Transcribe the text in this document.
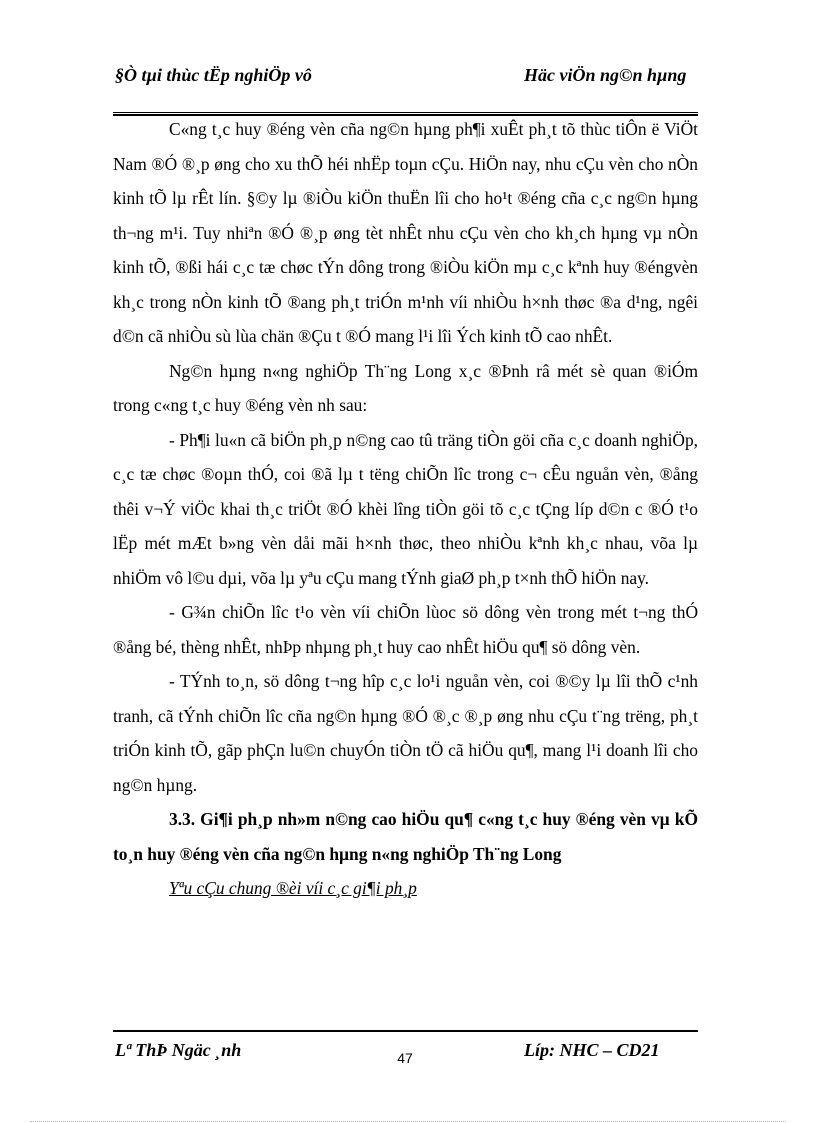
§Ò tµi thùc tËp nghiÖp vô	Häc viÖn ng©n hµng

C«ng t¸c huy ®éng vèn cña ng©n hµng ph¶i xuÊt ph¸t tõ thùc tiÔn ë ViÖt Nam ®Ó ®¸p øng cho xu thÕ héi nhËp toµn cÇu. HiÖn nay, nhu cÇu vèn cho nÒn kinh tÕ lµ rÊt lín. §©y lµ ®iÒu kiÖn thuËn lîi cho ho¹t ®éng cña c¸c ng©n hµng th¬ng m¹i. Tuy nhiªn ®Ó ®¸p øng tèt nhÊt nhu cÇu vèn cho kh¸ch hµng vµ nÒn kinh tÕ, ®ßi hái c¸c tæ chøc tÝn dông trong ®iÒu kiÖn mµ c¸c kªnh huy ®éngvèn kh¸c trong nÒn kinh tÕ ®ang ph¸t triÓn m¹nh víi nhiÒu h×nh thøc ®a d¹ng, ngêi d©n cã nhiÒu sù lùa chän ®Çu t ®Ó mang l¹i lîi Ých kinh tÕ cao nhÊt.

Ng©n hµng n«ng nghiÖp Th¨ng Long x¸c ®Þnh râ mét sè quan ®iÓm trong c«ng t¸c huy ®éng vèn nh sau:

- Ph¶i lu«n cã biÖn ph¸p n©ng cao tû träng tiÒn göi cña c¸c doanh nghiÖp, c¸c tæ chøc ®oµn thÓ, coi ®ã lµ t tëng chiÕn lîc trong c¬ cÊu nguån vèn, ®ång thêi v¬Ý viÖc khai th¸c triÖt ®Ó khèi lîng tiÒn göi tõ c¸c tÇng líp d©n c ®Ó t¹o lËp mét mÆt b»ng vèn dåi mãi h×nh thøc, theo nhiÒu kªnh kh¸c nhau, võa lµ nhiÖm vô l©u dµi, võa lµ yªu cÇu mang tÝnh giaØ ph¸p t×nh thÕ hiÖn nay.

- G¾n chiÕn lîc t¹o vèn víi chiÕn lùoc sö dông vèn trong mét t¬ng thÓ ®ång bé, thèng nhÊt, nhÞp nhµng ph¸t huy cao nhÊt hiÖu qu¶ sö dông vèn.

- TÝnh to¸n, sö dông t¬ng hîp c¸c lo¹i nguån vèn, coi ®©y lµ lîi thÕ c¹nh tranh, cã tÝnh chiÕn lîc cña ng©n hµng ®Ó ®¸c ®¸p øng nhu cÇu t¨ng trëng, ph¸t triÓn kinh tÕ, gãp phÇn lu©n chuyÓn tiÒn tÖ cã hiÖu qu¶, mang l¹i doanh lîi cho ng©n hµng.

3.3. Gi¶i ph¸p nh»m n©ng cao hiÖu qu¶ c«ng t¸c huy ®éng vèn vµ kÕ to¸n huy ®éng vèn cña ng©n hµng n«ng nghiÖp Th¨ng Long

Yªu cÇu chung ®èi víi c¸c gi¶i ph¸p

Lª ThÞ Ngäc ¸nh	47	Líp: NHC – CD21
